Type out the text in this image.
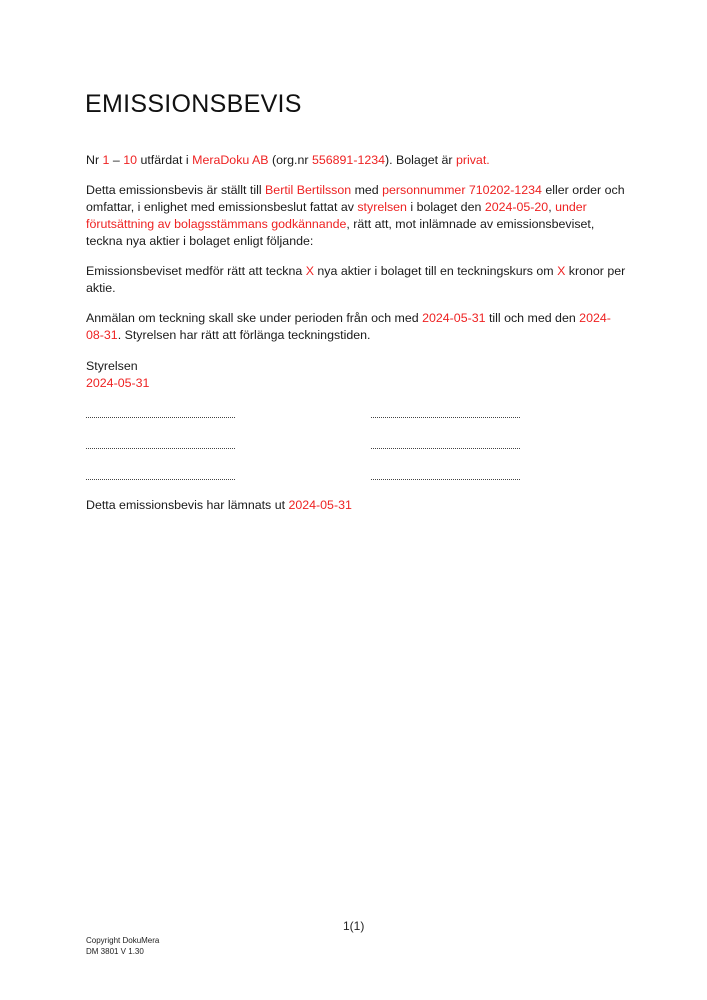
EMISSIONSBEVIS

Nr 1 – 10 utfärdat i MeraDoku AB (org.nr 556891-1234). Bolaget är privat.

Detta emissionsbevis är ställt till Bertil Bertilsson med personnummer 710202-1234 eller order och omfattar, i enlighet med emissionsbeslut fattat av styrelsen i bolaget den 2024-05-20, under förutsättning av bolagsstämmans godkännande, rätt att, mot inlämnade av emissionsbeviset, teckna nya aktier i bolaget enligt följande:

Emissionsbeviset medför rätt att teckna X nya aktier i bolaget till en teckningskurs om X kronor per aktie.

Anmälan om teckning skall ske under perioden från och med 2024-05-31 till och med den 2024-08-31. Styrelsen har rätt att förlänga teckningstiden.

Styrelsen
2024-05-31

Detta emissionsbevis har lämnats ut 2024-05-31

1(1)
Copyright DokuMera
DM 3801 V 1.30
